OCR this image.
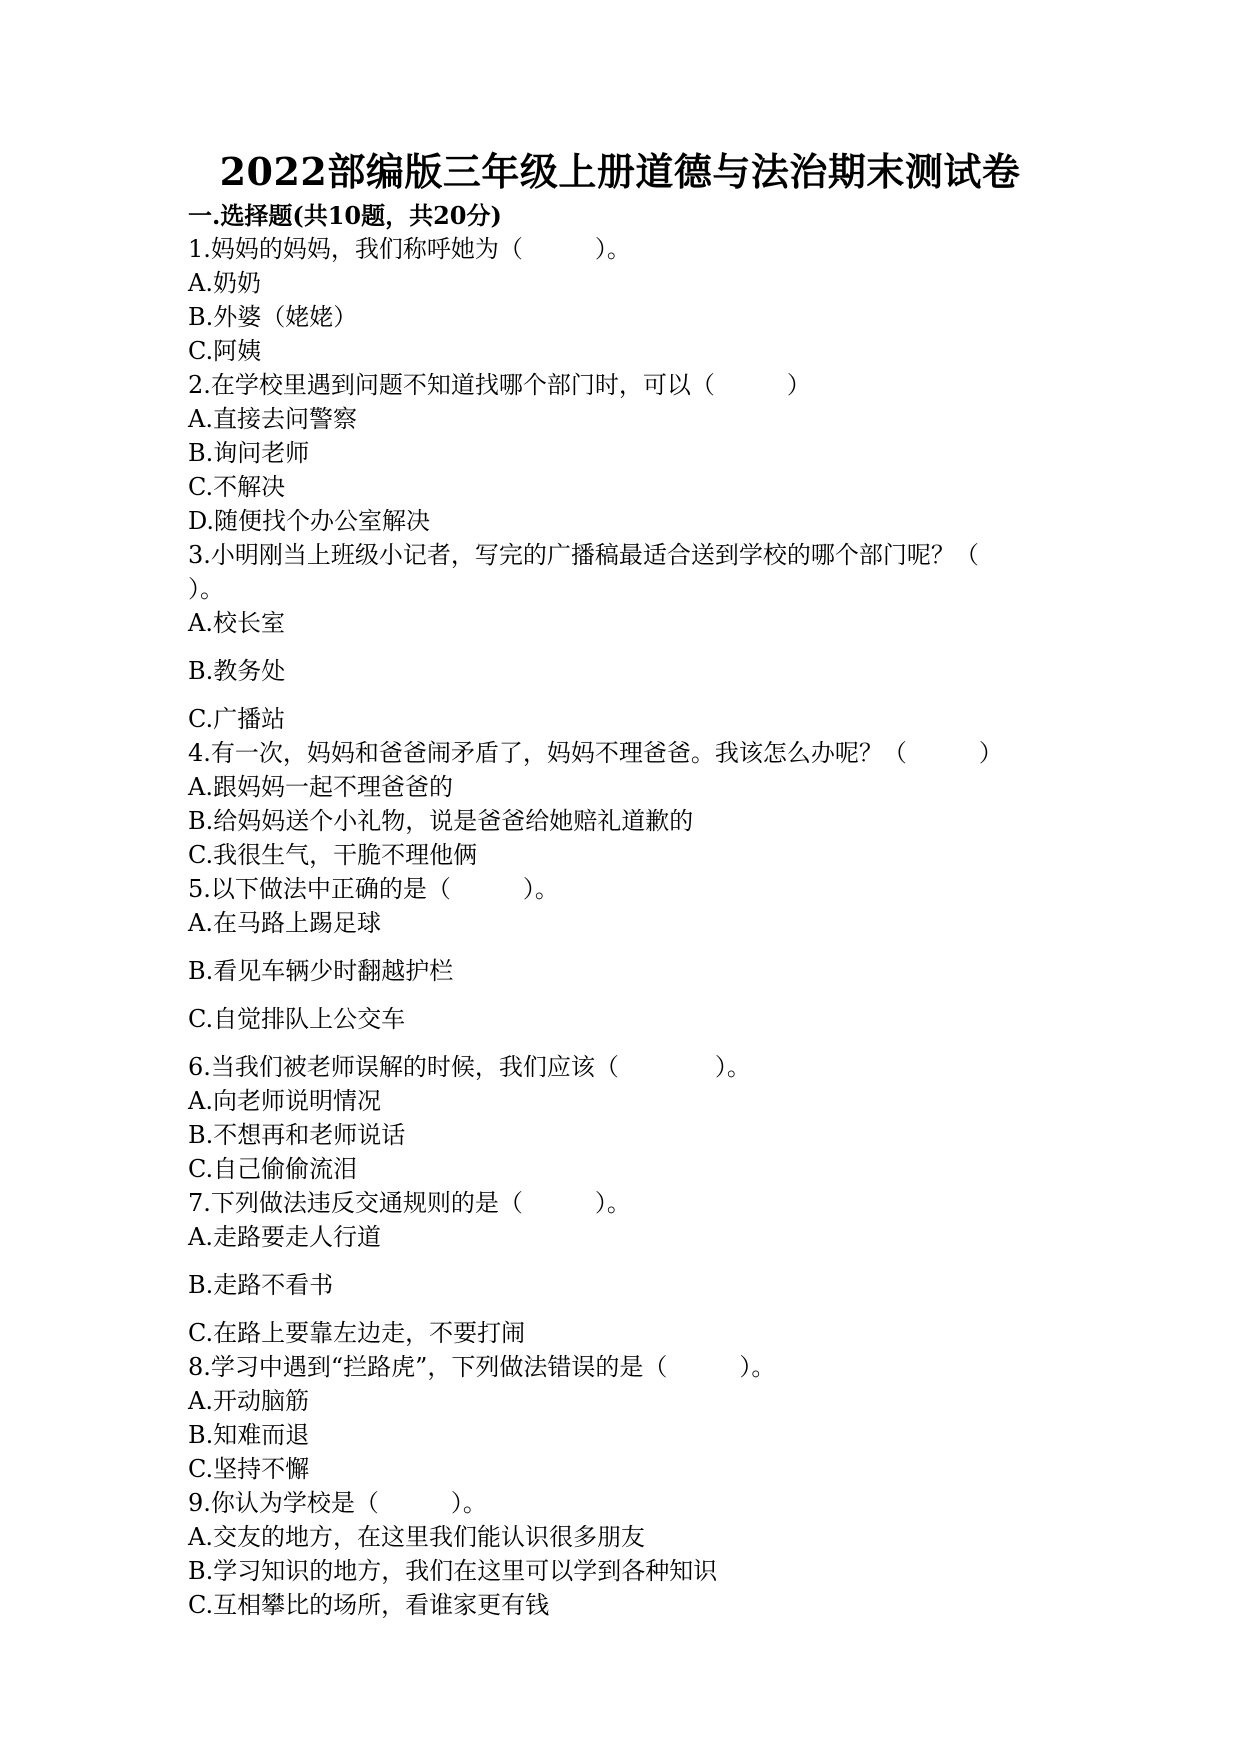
2022部编版三年级上册道德与法治期末测试卷
一.选择题(共10题，共20分)
1.妈妈的妈妈，我们称呼她为（　　　）。
A.奶奶
B.外婆（姥姥）
C.阿姨
2.在学校里遇到问题不知道找哪个部门时，可以（　　　）
A.直接去问警察
B.询问老师
C.不解决
D.随便找个办公室解决
3.小明刚当上班级小记者，写完的广播稿最适合送到学校的哪个部门呢？（
）。
A.校长室
B.教务处
C.广播站
4.有一次，妈妈和爸爸闹矛盾了，妈妈不理爸爸。我该怎么办呢？（　　　）
A.跟妈妈一起不理爸爸的
B.给妈妈送个小礼物，说是爸爸给她赔礼道歉的
C.我很生气，干脆不理他俩
5.以下做法中正确的是（　　　）。
A.在马路上踢足球
B.看见车辆少时翻越护栏
C.自觉排队上公交车
6.当我们被老师误解的时候，我们应该（　　　　）。
A.向老师说明情况
B.不想再和老师说话
C.自己偷偷流泪
7.下列做法违反交通规则的是（　　　）。
A.走路要走人行道
B.走路不看书
C.在路上要靠左边走，不要打闹
8.学习中遇到“拦路虎”，下列做法错误的是（　　　）。
A.开动脑筋
B.知难而退
C.坚持不懈
9.你认为学校是（　　　）。
A.交友的地方，在这里我们能认识很多朋友
B.学习知识的地方，我们在这里可以学到各种知识
C.互相攀比的场所，看谁家更有钱
